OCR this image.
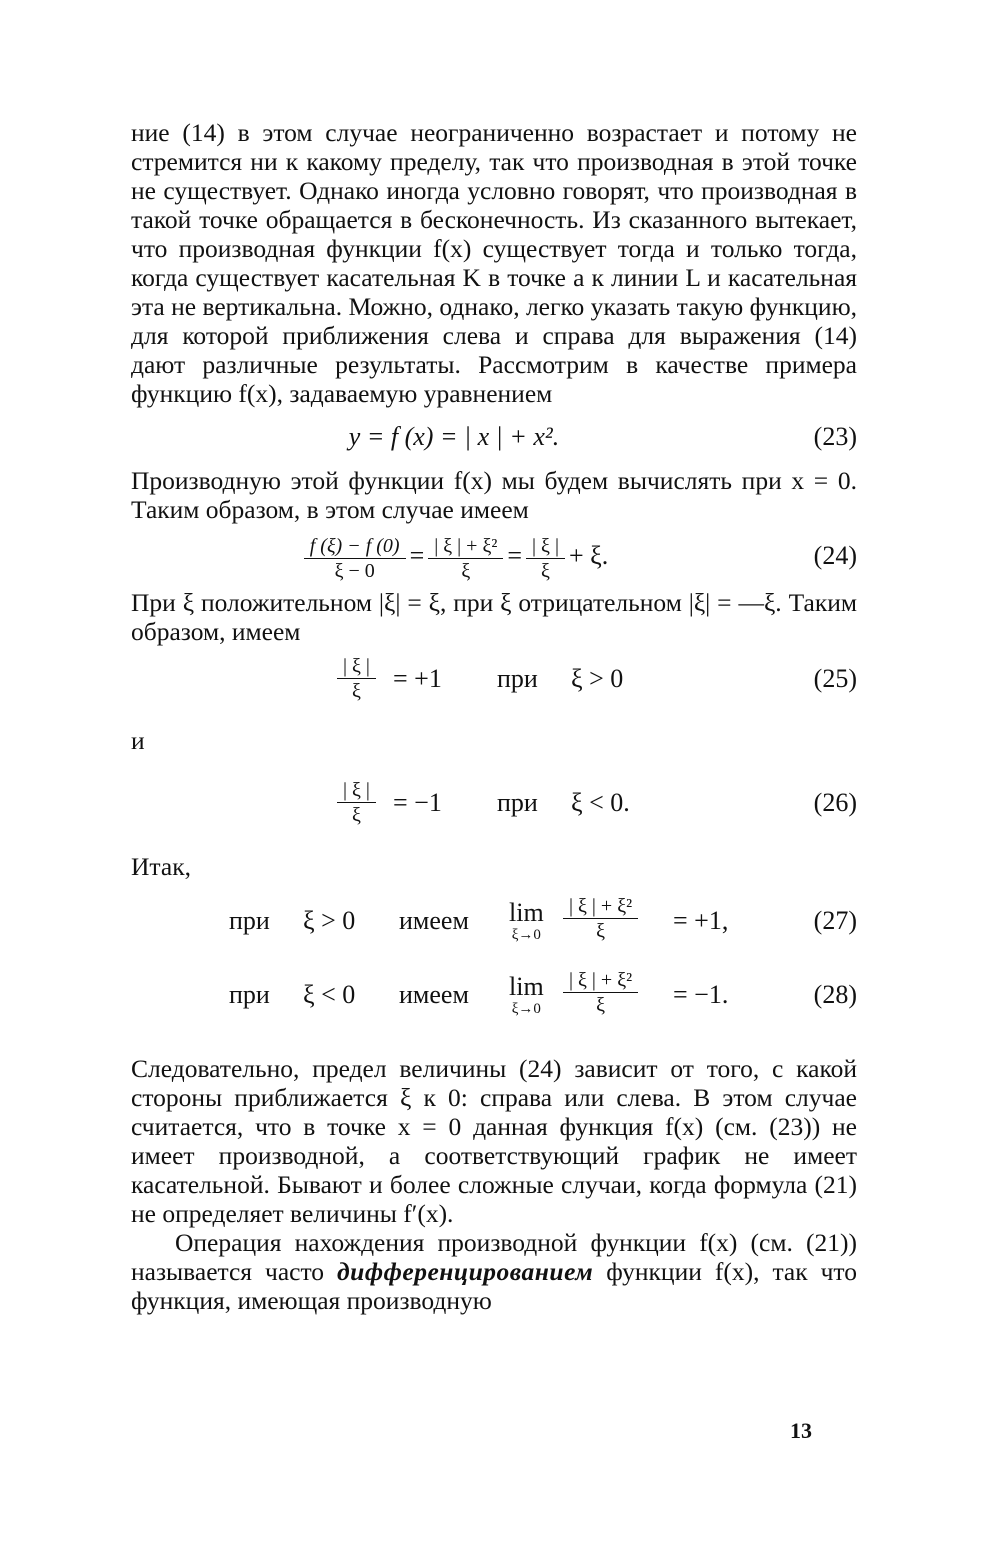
ние (14) в этом случае неограниченно возрастает и потому не стремится ни к какому пределу, так что производная в этой точке не существует. Однако иногда условно говорят, что производная в такой точке обращается в бесконечность. Из сказанного вытекает, что производная функции f(x) существует тогда и только тогда, когда существует касательная K в точке a к линии L и касательная эта не вертикальна. Можно, однако, легко указать такую функцию, для которой приближения слева и справа для выражения (14) дают различные результаты. Рассмотрим в качестве примера функцию f(x), задаваемую уравнением

y = f (x) = | x | + x².	(23)

Производную этой функции f(x) мы будем вычислять при x = 0. Таким образом, в этом случае имеем

$\frac{f (\xi) - f (0)}{\xi - 0} = \frac{\text{| ξ | + ξ²}}{\xi} = \frac{| \xi |}{\xi} + \xi$.	(24)

При ξ положительном |ξ| = ξ, при ξ отрицательном |ξ| = —ξ. Таким образом, имеем

$\frac{| \xi |}{\xi} = +1$ при ξ > 0	(25)
и
$\frac{| \xi |}{\xi} = -1$ при ξ < 0.	(26)
Итак,
при ξ > 0 имеем lim
$\xi\to 0 \frac{\text{| ξ | + ξ²}}{\xi} = +1$,	(27)
при ξ < 0 имеем lim
$\xi\to 0 \frac{\text{| ξ | + ξ²}}{\xi} = -1$.	(28)

Следовательно, предел величины (24) зависит от того, с какой стороны приближается ξ к 0: справа или слева. В этом случае считается, что в точке x = 0 данная функция f(x) (см. (23)) не имеет производной, а соответствующий график не имеет касательной. Бывают и более сложные случаи, когда формула (21) не определяет величины f′(x).

Операция нахождения производной функции f(x) (см. (21)) называется часто дифференцированием функции f(x), так что функция, имеющая производную

13
